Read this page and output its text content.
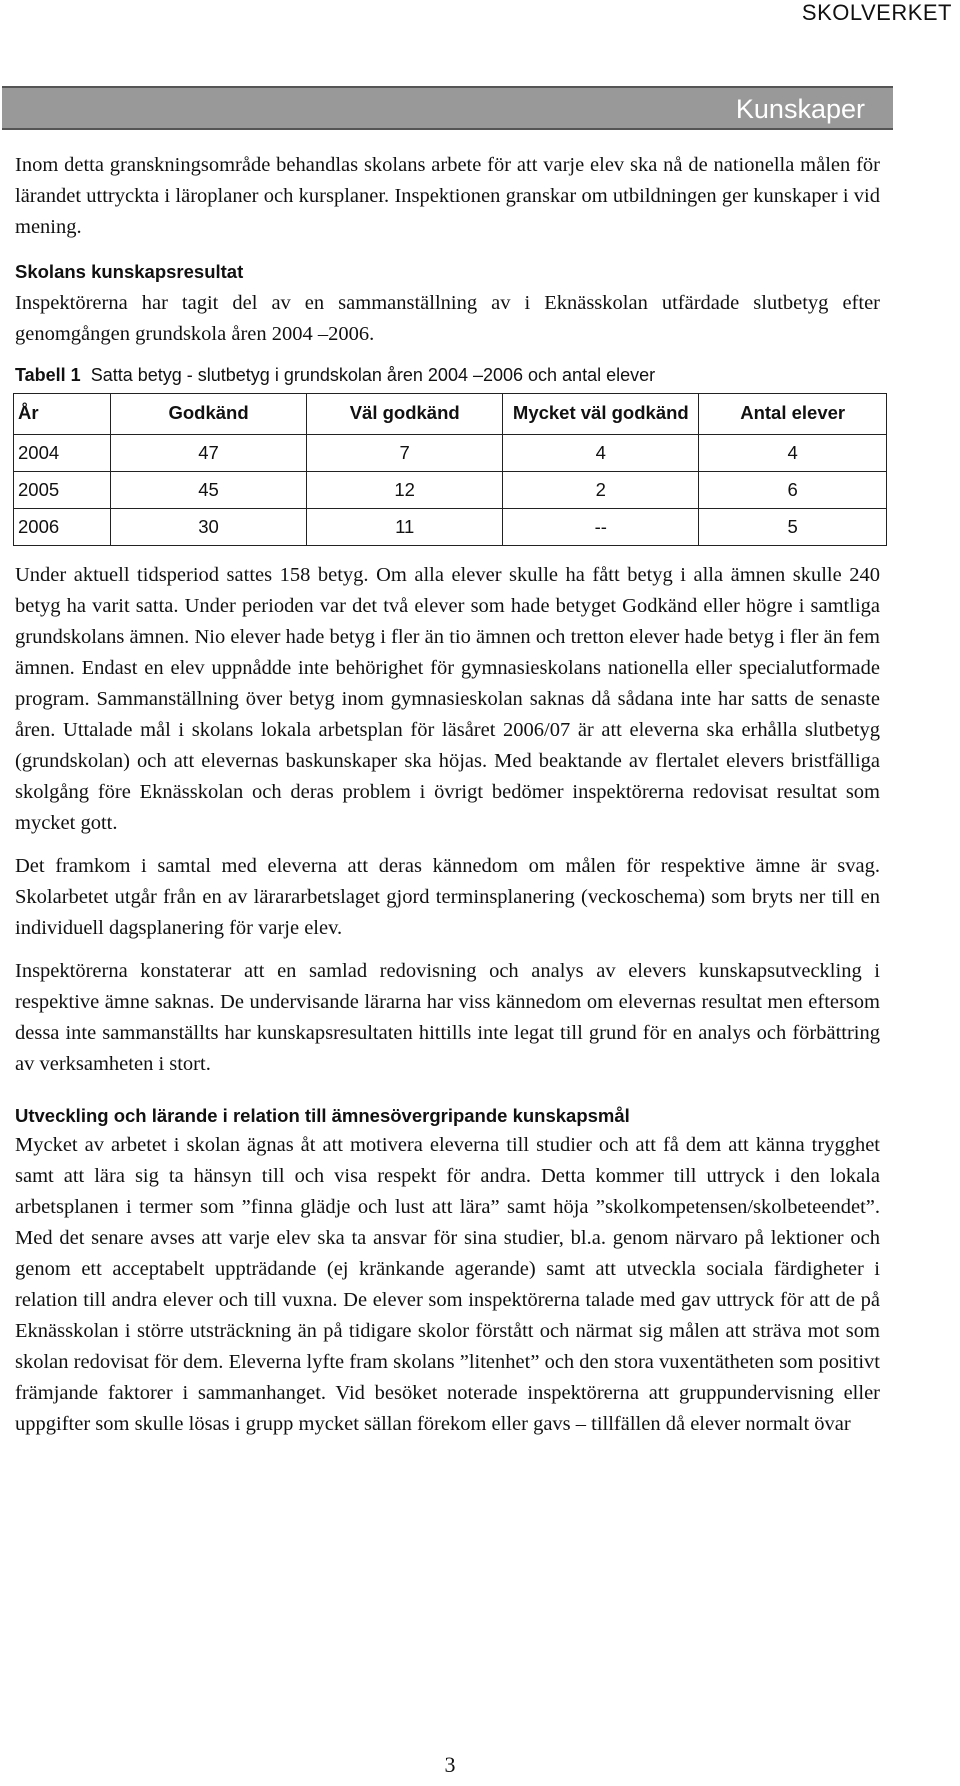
SKOLVERKET
Kunskaper

Inom detta granskningsområde behandlas skolans arbete för att varje elev ska nå de nationella målen för lärandet uttryckta i läroplaner och kursplaner. Inspektionen granskar om utbildningen ger kunskaper i vid mening.

Skolans kunskapsresultat

Inspektörerna har tagit del av en sammanställning av i Eknässkolan utfärdade slutbetyg efter genomgången grundskola åren 2004 –2006.

Tabell 1 Satta betyg - slutbetyg i grundskolan åren 2004 –2006 och antal elever
År	Godkänd	Väl godkänd	Mycket väl godkänd	Antal elever
2004	47	7	4	4
2005	45	12	2	6
2006	30	11	--	5

Under aktuell tidsperiod sattes 158 betyg. Om alla elever skulle ha fått betyg i alla ämnen skulle 240 betyg ha varit satta. Under perioden var det två elever som hade betyget Godkänd eller högre i samtliga grundskolans ämnen. Nio elever hade betyg i fler än tio ämnen och tretton elever hade betyg i fler än fem ämnen. Endast en elev uppnådde inte behörighet för gymnasieskolans nationella eller specialutformade program. Sammanställning över betyg inom gymnasieskolan saknas då sådana inte har satts de senaste åren. Uttalade mål i skolans lokala arbetsplan för läsåret 2006/07 är att eleverna ska erhålla slutbetyg (grundskolan) och att elevernas baskunskaper ska höjas. Med beaktande av flertalet elevers bristfälliga skolgång före Eknässkolan och deras problem i övrigt bedömer inspektörerna redovisat resultat som mycket gott.

Det framkom i samtal med eleverna att deras kännedom om målen för respektive ämne är svag. Skolarbetet utgår från en av lärararbetslaget gjord terminsplanering (veckoschema) som bryts ner till en individuell dagsplanering för varje elev.

Inspektörerna konstaterar att en samlad redovisning och analys av elevers kunskapsutveckling i respektive ämne saknas. De undervisande lärarna har viss kännedom om elevernas resultat men eftersom dessa inte sammanställts har kunskapsresultaten hittills inte legat till grund för en analys och förbättring av verksamheten i stort.

Utveckling och lärande i relation till ämnesövergripande kunskapsmål

Mycket av arbetet i skolan ägnas åt att motivera eleverna till studier och att få dem att känna trygghet samt att lära sig ta hänsyn till och visa respekt för andra. Detta kommer till uttryck i den lokala arbetsplanen i termer som ”finna glädje och lust att lära” samt höja ”skolkompetensen/skolbeteendet”. Med det senare avses att varje elev ska ta ansvar för sina studier, bl.a. genom närvaro på lektioner och genom ett acceptabelt uppträdande (ej kränkande agerande) samt att utveckla sociala färdigheter i relation till andra elever och till vuxna. De elever som inspektörerna talade med gav uttryck för att de på Eknässkolan i större utsträckning än på tidigare skolor förstått och närmat sig målen att sträva mot som skolan redovisat för dem. Eleverna lyfte fram skolans ”litenhet” och den stora vuxentätheten som positivt främjande faktorer i sammanhanget. Vid besöket noterade inspektörerna att gruppundervisning eller uppgifter som skulle lösas i grupp mycket sällan förekom eller gavs – tillfällen då elever normalt övar

3
